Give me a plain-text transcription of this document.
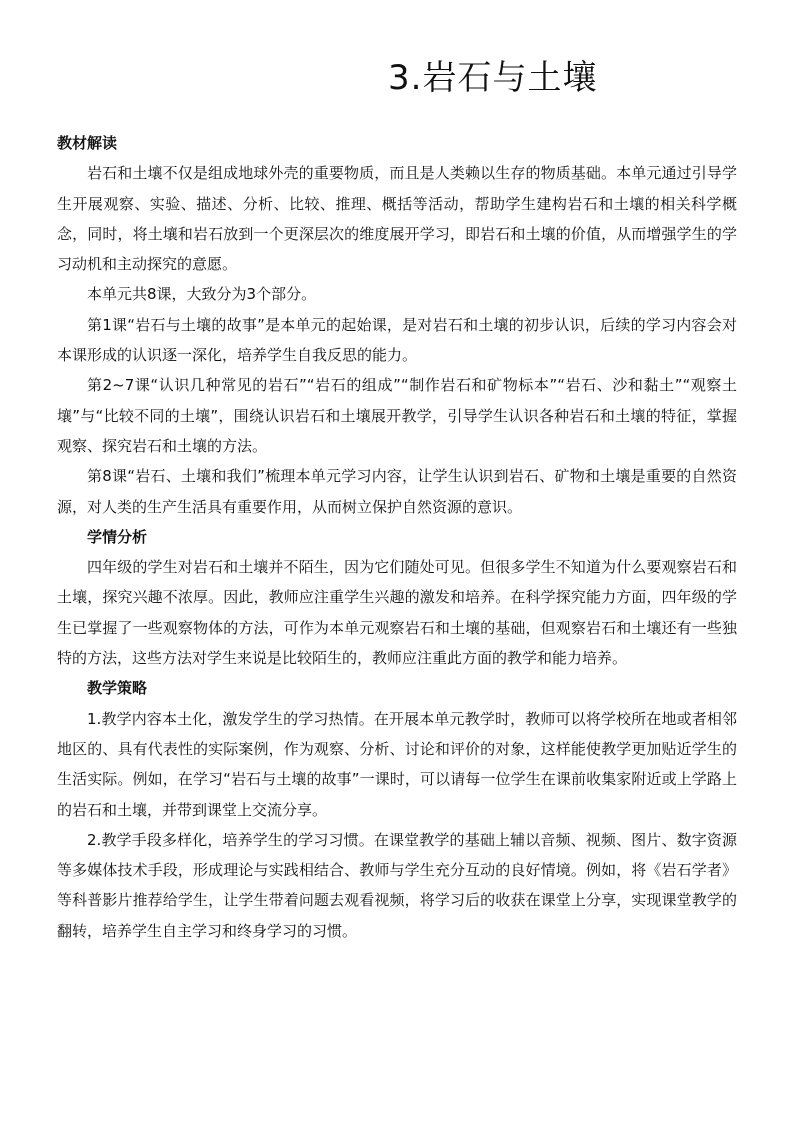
3.岩石与土壤

教材解读

岩石和土壤不仅是组成地球外壳的重要物质，而且是人类赖以生存的物质基础。本单元通过引导学生开展观察、实验、描述、分析、比较、推理、概括等活动，帮助学生建构岩石和土壤的相关科学概念，同时，将土壤和岩石放到一个更深层次的维度展开学习，即岩石和土壤的价值，从而增强学生的学习动机和主动探究的意愿。

本单元共8课，大致分为3个部分。

第1课“岩石与土壤的故事”是本单元的起始课，是对岩石和土壤的初步认识，后续的学习内容会对本课形成的认识逐一深化，培养学生自我反思的能力。

第2~7课“认识几种常见的岩石”“岩石的组成”“制作岩石和矿物标本”“岩石、沙和黏土”“观察土壤”与“比较不同的土壤”，围绕认识岩石和土壤展开教学，引导学生认识各种岩石和土壤的特征，掌握观察、探究岩石和土壤的方法。

第8课“岩石、土壤和我们”梳理本单元学习内容，让学生认识到岩石、矿物和土壤是重要的自然资源，对人类的生产生活具有重要作用，从而树立保护自然资源的意识。

学情分析

四年级的学生对岩石和土壤并不陌生，因为它们随处可见。但很多学生不知道为什么要观察岩石和土壤，探究兴趣不浓厚。因此，教师应注重学生兴趣的激发和培养。在科学探究能力方面，四年级的学生已掌握了一些观察物体的方法，可作为本单元观察岩石和土壤的基础，但观察岩石和土壤还有一些独特的方法，这些方法对学生来说是比较陌生的，教师应注重此方面的教学和能力培养。

教学策略

1.教学内容本土化，激发学生的学习热情。在开展本单元教学时，教师可以将学校所在地或者相邻地区的、具有代表性的实际案例，作为观察、分析、讨论和评价的对象，这样能使教学更加贴近学生的生活实际。例如，在学习“岩石与土壤的故事”一课时，可以请每一位学生在课前收集家附近或上学路上的岩石和土壤，并带到课堂上交流分享。

2.教学手段多样化，培养学生的学习习惯。在课堂教学的基础上辅以音频、视频、图片、数字资源等多媒体技术手段，形成理论与实践相结合、教师与学生充分互动的良好情境。例如，将《岩石学者》等科普影片推荐给学生，让学生带着问题去观看视频，将学习后的收获在课堂上分享，实现课堂教学的翻转，培养学生自主学习和终身学习的习惯。
